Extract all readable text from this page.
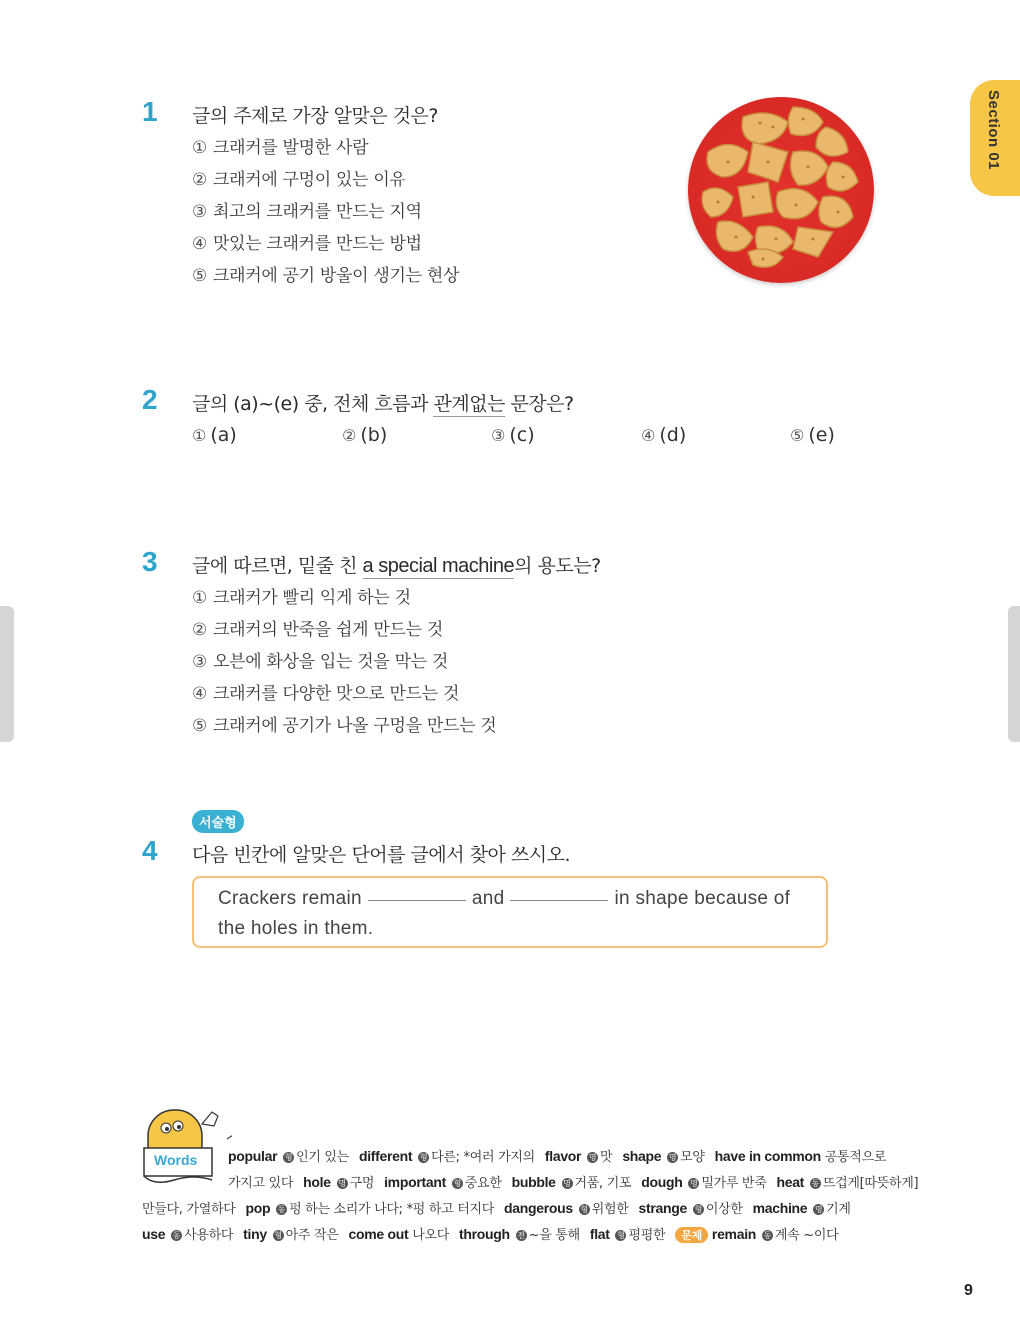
Section 01
1 글의 주제로 가장 알맞은 것은?
① 크래커를 발명한 사람
② 크래커에 구멍이 있는 이유
③ 최고의 크래커를 만드는 지역
④ 맛있는 크래커를 만드는 방법
⑤ 크래커에 공기 방울이 생기는 현상
2 글의 (a)~(e) 중, 전체 흐름과 관계없는 문장은?
① (a)	② (b)	③ (c)	④ (d)	⑤ (e)
3 글에 따르면, 밑줄 친 a special machine의 용도는?
① 크래커가 빨리 익게 하는 것
② 크래커의 반죽을 쉽게 만드는 것
③ 오븐에 화상을 입는 것을 막는 것
④ 크래커를 다양한 맛으로 만드는 것
⑤ 크래커에 공기가 나올 구멍을 만드는 것
서술형
4 다음 빈칸에 알맞은 단어를 글에서 찾아 쓰시오.
Crackers remain	and	in shape because of
the holes in them.
Words popular 형 인기 있는 different 형 다른; *여러 가지의 flavor 명 맛 shape 명 모양 have in common 공통적으로
가지고 있다 hole 명 구멍 important 형 중요한 bubble 명 거품, 기포 dough 명 밀가루 반죽 heat 동 뜨겁게[따뜻하게]
만들다, 가열하다 pop 동 펑 하는 소리가 나다; *펑 하고 터지다 dangerous 형 위험한 strange 형 이상한 machine 명 기계
use 동 사용하다 tiny 형 아주 작은 come out 나오다 through 전 ~을 통해 flat 형 평평한 문제 remain 동 계속 ~이다
9
